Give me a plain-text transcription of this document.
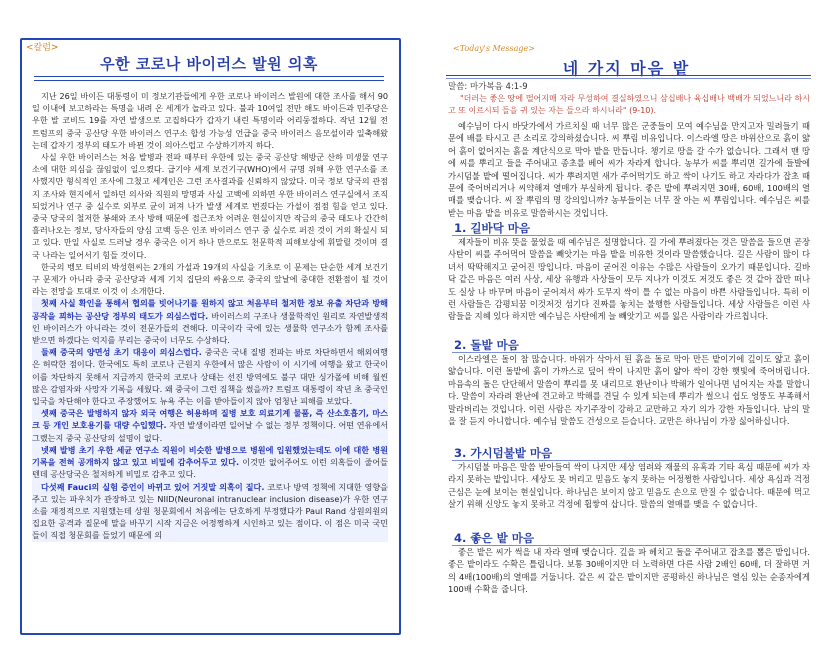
<칼럼>
우한 코로나 바이러스 발원 의혹

지난 26일 바이든 대통령이 미 정보기관들에게 우한 코로나 바이러스 발원에 대한 조사를 해서 90일 이내에 보고하라는 특명을 내려 온 세계가 놀라고 있다. 불과 10여일 전만 해도 바이든과 민주당은 우한 발 코비드 19를 자연 발생으로 고집하다가 갑자기 내린 특명이라 어리둥절하다. 작년 12월 전 트럼프의 중국 공산당 우한 바이러스 연구소 합성 가능성 언급을 중국 바이러스 음모설이라 일축해왔는데 갑자기 정부의 태도가 바뀐 것이 의아스럽고 수상하기까지 하다.

사실 우한 바이러스는 처음 발병과 전파 때부터 우한에 있는 중국 공산당 해방군 산하 미생물 연구소에 대한 의심을 끊임없이 일으켰다. 급기야 세계 보건기구(WHO)에서 규명 위해 우한 연구소를 조사했지만 형식적인 조사에 그쳤고 세계인은 그런 조사결과를 신뢰하지 않았다. 미국 정보 당국의 관점지 조사와 현지에서 일하던 의사와 직원의 망명과 사실 고백에 의하면 우한 바이러스 연구실에서 조직되었거나 연구 중 실수로 외부로 균이 퍼져 나가 발생 세계로 번졌다는 가설이 점점 힘을 얻고 있다. 중국 당국의 철저한 봉쇄와 조사 방해 때문에 접근조차 어려운 현실이지만 작금의 중국 태도나 간간히 흘러나오는 정보, 당사자들의 양심 고백 등은 인조 바이러스 연구 중 실수로 퍼진 것이 거의 확실시 되고 있다. 만일 사실로 드러날 경우 중국은 이거 하나 만으로도 천문학적 피해보상에 휘말릴 것이며 결국 나라는 일어서기 힘들 것이다.

한국의 벵모 티비의 박성현씨는 2개의 가설과 19개의 사실을 기초로 이 문제는 단순한 세계 보건기구 문제가 아니라 중국 공산당과 세계 기치 집단의 싸움으로 중국의 앞날에 중대한 전환점이 될 것이라는 전망을 토대로 이것 이 소개한다.

첫째 사실 확인을 통해서 협의를 빗어나기를 원하지 않고 처음부터 철저한 정보 유출 차단과 방해 공작을 꾀하는 공산당 정부의 태도가 의심스럽다. 바이러스의 구조나 생물학적인 원리로 자연발생적인 바이러스가 아니라는 것이 전문가들의 견해다. 미국이각 국에 있는 생물학 연구소가 함께 조사를 받으면 하겠다는 억지를 부리는 중국이 너무도 수상하다.

둘째 중국의 양면성 초기 대응이 의심스럽다. 중국은 국내 질병 전파는 바로 차단하면서 해외여행은 허락한 점이다. 한국에도 특히 코로나 근원지 우한에서 많은 사람이 이 시기에 여행을 왔고 한국이 이를 차단하지 못해서 지금까지 한국의 코로나 상태는 선진 방역에도 불구 대만 싱가폴에 비해 월씬 많은 감염자와 사망자 기록을 세웠다. 왜 중국이 그런 짐책을 썼을까? 트럼프 대통령이 작년 초 중국인 입국을 차단해야 한다고 주장했어도 뉴욕 주는 이를 받아들이지 않아 엄청난 피해를 보았다.

셋째 중국은 발병하지 않자 외국 여행은 허용하며 질병 보호 의료기계 물품, 즉 산소호흡기, 마스크 등 개인 보호용기를 대량 수입했다. 자연 발생이라면 일어날 수 없는 정부 정책이다. 어떤 연유에서 그랬는지 중국 공산당의 설명이 없다.

넷째 발병 초기 우한 세균 연구소 직원이 비슷한 발병으로 병원에 입원했었는데도 이에 대한 병원기록을 전혀 공개하지 않고 있고 비밀에 감추어두고 있다. 이것만 없어주어도 이런 의혹들이 줄어들 텐데 공산당국은 철저하게 비밀로 감추고 있다.

다섯째 Fauci의 실험 증언이 바뀌고 있어 거짓말 의혹이 짙다. 코로나 방역 정책에 지대한 영향을 주고 있는 파우치가 관장하고 있는 NIID(Neuronal intranuclear inclusion disease)가 우한 연구소를 재정적으로 지원했는데 상원 청문회에서 처음에는 단호하게 부정했다가 Paul Rand 상원의원의 집요한 공격과 질문에 말을 바꾸기 시작 지금은 어정쩡하게 시인하고 있는 점이다. 이 점은 미국 국민들이 직접 청문회를 들었기 때문에 의

<Today's Message>
네 가지 마음 밭
말씀: 마가복음 4:1-9
"더러는 좋은 땅에 떨어지매 자라 무성하여 결실하였으니 삼십배나 육십배나 백배가 되었느니라 하시고 또 이르시되 들을 귀 있는 자는 들으라 하시니라" (9-10).
예수님이 다시 바닷가에서 가르치실 때 너무 많은 군중들이 모여 예수님을 만지고자 밀려들기 때문에 배를 타시고 큰 소리로 강의하셨습니다. 씨 뿌림 비유입니다. 이스라엘 땅은 바위산으로 흙이 얇어 흙이 없어지는 흙을 계단식으로 막아 밭을 만듭니다. 챙기로 땅을 갈 수가 없습니다. 그래서 맨 땅에 씨를 뿌리고 들을 주어내고 종초를 베어 씨가 자라게 합니다. 농부가 씨를 뿌리면 길가에 들발에 가시덤불 밭에 떨어집니다. 씨가 뿌려지면 새가 주어먹기도 하고 싹이 나기도 하고 자라다가 잡초 때문에 죽어버리거나 씨약해져 열매가 부실하게 됩니다. 좋은 밭에 뿌려지면 30배, 60배, 100배의 열매를 맺습니다. 씨 잘 뿌림의 명 강의입니까? 농부들이는 너무 잘 아는 씨 뿌림입니다. 예수님은 씨를 받는 마음 밭을 비유로 말씀하시는 것입니다.
1. 길바닥 마음
제자들이 비유 뜻을 물었을 때 예수님은 설명합니다. 길 가에 뿌려졌다는 것은 말씀을 들으면 곧장 사탄이 씨를 주어먹어 말씀을 빼앗기는 마음 밭을 비유한 것이라 말씀했습니다. 길은 사람이 많이 다녀서 딱딱해지고 굳어진 땅입니다. 마음이 굳어진 이유는 수많은 사람들이 오가기 때문입니다. 길바닥 같은 마음은 여러 사상, 세상 유행과 사상들이 모두 지나가 이것도 저것도 좋은 것 같아 잡만 떠나도 실상 나 바꾸며 마음이 굳어져서 싸가 도무지 싹이 틀 수 없는 마음이 바쁜 사람들입니다. 특히 이런 사람들은 감평되꿈 이것저것 섬기다 진짜를 놓치는 불행한 사람들입니다. 세상 사람들은 이런 사람들을 지혜 있다 하지만 예수님은 사탄에게 늘 빼앗기고 씨를 잃은 사람이라 가르칩니다.
2. 돌밭 마음
이스라엘은 돌이 참 많습니다. 바위가 삭아서 된 흙을 돌로 막아 만든 밭이기에 깊이도 얇고 흙이 얇습니다. 이런 돌밭에 흙이 가까스로 덮어 싹이 나지만 흙이 얇아 싹이 강한 햇빛에 죽어버립니다. 마음속의 돌은 단단해서 말씀이 뿌리를 못 내리므로 환난이나 박해가 일어나면 넘어지는 자를 말합니다. 말씀이 자라려 환난에 견고하고 박해를 견딜 수 있게 되는데 뿌리가 썰으니 쉽도 엉뚱도 부족해서 말라버리는 것입니다. 이런 사람은 자기주장이 강하고 교만하고 자기 의가 강한 자들입니다. 남의 말을 잘 듣지 아니합니다. 예수님 말씀도 건성으로 듣습니다. 교만은 하나님이 가장 싫어하십니다.
3. 가시덤불밭 마음
가시덤불 마음은 말씀 받아들여 싹이 나지만 세상 염려와 재물의 유혹과 기타 욕심 때문에 씨가 자라지 못하는 밭입니다. 세상도 못 버리고 믿음도 놓지 못하는 어정쩡한 사람입니다. 세상 욕심과 걱정 근심은 눈에 보이는 현실입니다. 하나님은 보이지 않고 믿음도 손으로 만질 수 없습니다. 때문에 먹고 살기 위해 신앙도 놓지 못하고 걱정에 휩쌓여 삽니다. 말씀의 열매를 맺을 수 없습니다.
4. 좋은 밭 마음
좋은 밭은 씨가 썩을 내 자라 열매 맺습니다. 깊을 파 헤치고 돌을 주어내고 잡초를 뽑은 밭입니다. 좋은 밭이라도 수확은 틀립니다. 보통 30배이지만 더 노력하면 다른 사람 2배인 60배, 더 잘하면 거의 4배(100배)의 열매를 거둡니다. 같은 씨 같은 밭이지만 공평하신 하나님은 열심 있는 순종자에게 100배 수확을 줍니다.
